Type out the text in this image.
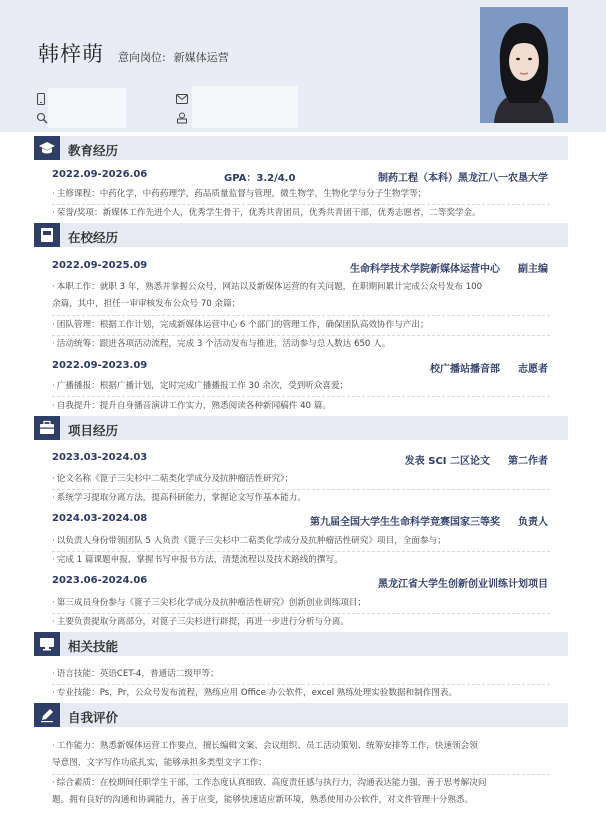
韩梓萌 意向岗位: 新媒体运营
教育经历
2022.09-2026.06	GPA：3.2/4.0	制药工程（本科）黑龙江八一农垦大学
· 主修课程：中药化学，中药药理学，药品质量监督与管理，微生物学，生物化学与分子生物学等；
· 荣誉/奖项：新媒体工作先进个人，优秀学生骨干，优秀共青团员，优秀共青团干部，优秀志愿者，二等奖学金。
在校经历
2022.09-2025.09	生命科学技术学院新媒体运营中心 副主编
· 本职工作：就职 3 年，熟悉并掌握公众号，网站以及新媒体运营的有关问题，在职期间累计完成公众号发布 100
余篇，其中，担任一审审核发布公众号 70 余篇；
· 团队管理：根据工作计划，完成新媒体运营中心 6 个部门的管理工作，确保团队高效协作与产出；
· 活动统筹：跟进各项活动流程，完成 3 个活动发布与推进，活动参与总人数达 650 人。
2022.09-2023.09	校广播站播音部 志愿者
· 广播播报：根据广播计划，定时完成广播播报工作 30 余次，受到听众喜爱；
· 自我提升：提升自身播音演讲工作实力，熟悉阅读各种新闻稿件 40 篇。
项目经历
2023.03-2024.03	发表 SCI 二区论文 第二作者
· 论文名称《篦子三尖杉中二萜类化学成分及抗肿瘤活性研究》；
· 系统学习提取分离方法，提高科研能力，掌握论文写作基本能力。
2024.03-2024.08	第九届全国大学生生命科学竞赛国家三等奖 负责人
· 以负责人身份带领团队 5 人负责《篦子三尖杉中二萜类化学成分及抗肿瘤活性研究》项目，全面参与；
· 完成 1 篇课题申报，掌握书写申报书方法，清楚流程以及技术路线的撰写。
2023.06-2024.06	黑龙江省大学生创新创业训练计划项目
· 第三成员身份参与《篦子三尖杉化学成分及抗肿瘤活性研究》创新创业训练项目；
· 主要负责提取分离部分，对篦子三尖杉进行辟提，再进一步进行分析与分离。
相关技能
· 语言技能：英语CET-4，普通话二级甲等；
· 专业技能：Ps，Pr，公众号发布流程，熟练应用 Office 办公软件，excel 熟练处理实验数据和制作图表。
自我评价
· 工作能力：熟悉新媒体运营工作要点，擅长编辑文案、会议组织、员工活动策划、统筹安排等工作，快速领会领
导意图，文字写作功底扎实，能够承担多类型文字工作；
· 综合素质：在校期间任职学生干部，工作态度认真细致、高度责任感与执行力，沟通表达能力强，善于思考解决问
题。拥有良好的沟通和协调能力，善于应变，能够快速适应新环境，熟悉使用办公软件，对文件管理十分熟悉。
